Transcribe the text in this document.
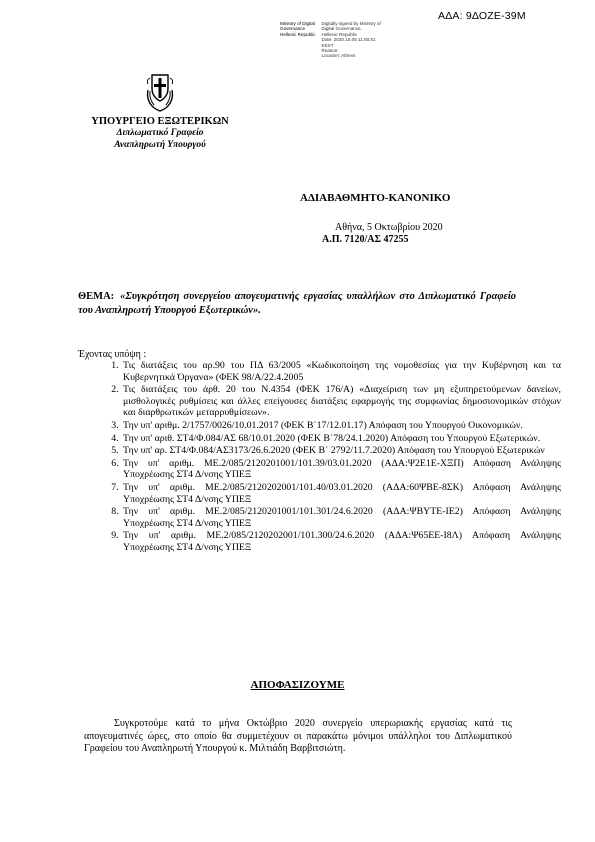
ΑΔΑ: 9ΔΟΖΕ-39Μ
Ministry of Digital
Governance
Hellenic Republic
Digitally signed by Ministry of
Digital Governance,
Hellenic Republic
Date: 2020.10.05 11:50:51
EEST
Reason:
Location: Athens
ΥΠΟΥΡΓΕΙΟ ΕΞΩΤΕΡΙΚΩΝ
Διπλωματικό Γραφείο
Αναπληρωτή Υπουργού
ΑΔΙΑΒΑΘΜΗΤΟ-ΚΑΝΟΝΙΚΟ
Αθήνα, 5 Οκτωβρίου 2020
Α.Π. 7120/ΑΣ 47255
ΘΕΜΑ: «Συγκρότηση συνεργείου απογευματινής εργασίας υπαλλήλων στο Διπλωματικό Γραφείο του Αναπληρωτή Υπουργού Εξωτερικών».
Έχοντας υπόψη :
1. Τις διατάξεις του αρ.90 του ΠΔ 63/2005 «Κωδικοποίηση της νομοθεσίας για την Κυβέρνηση και τα Κυβερνητικά Όργανα» (ΦΕΚ 98/Α/22.4.2005
2. Τις διατάξεις του άρθ. 20 του Ν.4354 (ΦΕΚ 176/Α) «Διαχείριση των μη εξυπηρετούμενων δανείων, μισθολογικές ρυθμίσεις και άλλες επείγουσες διατάξεις εφαρμογής της συμφωνίας δημοσιονομικών στόχων και διαρθρωτικών μεταρρυθμίσεων».
3. Την υπ' αριθμ. 2/1757/0026/10.01.2017 (ΦΕΚ Β΄17/12.01.17) Απόφαση του Υπουργού Οικονομικών.
4. Την υπ' αριθ. ΣΤ4/Φ.084/ΑΣ 68/10.01.2020 (ΦΕΚ Β΄78/24.1.2020) Απόφαση του Υπουργού Εξωτερικών.
5. Την υπ' αρ. ΣΤ4/Φ.084/ΑΣ3173/26.6.2020 (ΦΕΚ Β΄ 2792/11.7.2020) Απόφαση του Υπουργού Εξωτερικών
6. Την υπ' αριθμ. ΜΕ.2/085/2120201001/101.39/03.01.2020 (ΑΔΑ:Ψ2Ε1Ε-ΧΞΠ) Απόφαση Ανάληψης Υποχρέωσης ΣΤ4 Δ/νσης ΥΠΕΞ
7. Την υπ' αριθμ. ΜΕ.2/085/2120202001/101.40/03.01.2020 (ΑΔΑ:60ΨΒΕ-8ΣΚ) Απόφαση Ανάληψης Υποχρέωσης ΣΤ4 Δ/νσης ΥΠΕΞ
8. Την υπ' αριθμ. ΜΕ.2/085/2120201001/101.301/24.6.2020 (ΑΔΑ:ΨΒΥΤΕ-ΙΕ2) Απόφαση Ανάληψης Υποχρέωσης ΣΤ4 Δ/νσης ΥΠΕΞ
9. Την υπ' αριθμ. ΜΕ.2/085/2120202001/101.300/24.6.2020 (ΑΔΑ:Ψ65ΕΕ-Ι8Λ) Απόφαση Ανάληψης Υποχρέωσης ΣΤ4 Δ/νσης ΥΠΕΞ
ΑΠΟΦΑΣΙΖΟΥΜΕ
Συγκροτούμε κατά το μήνα Οκτώβριο 2020 συνεργείο υπερωριακής εργασίας κατά τις απογευματινές ώρες, στο οποίο θα συμμετέχουν οι παρακάτω μόνιμοι υπάλληλοι του Διπλωματικού Γραφείου του Αναπληρωτή Υπουργού κ. Μιλτιάδη Βαρβιτσιώτη.
